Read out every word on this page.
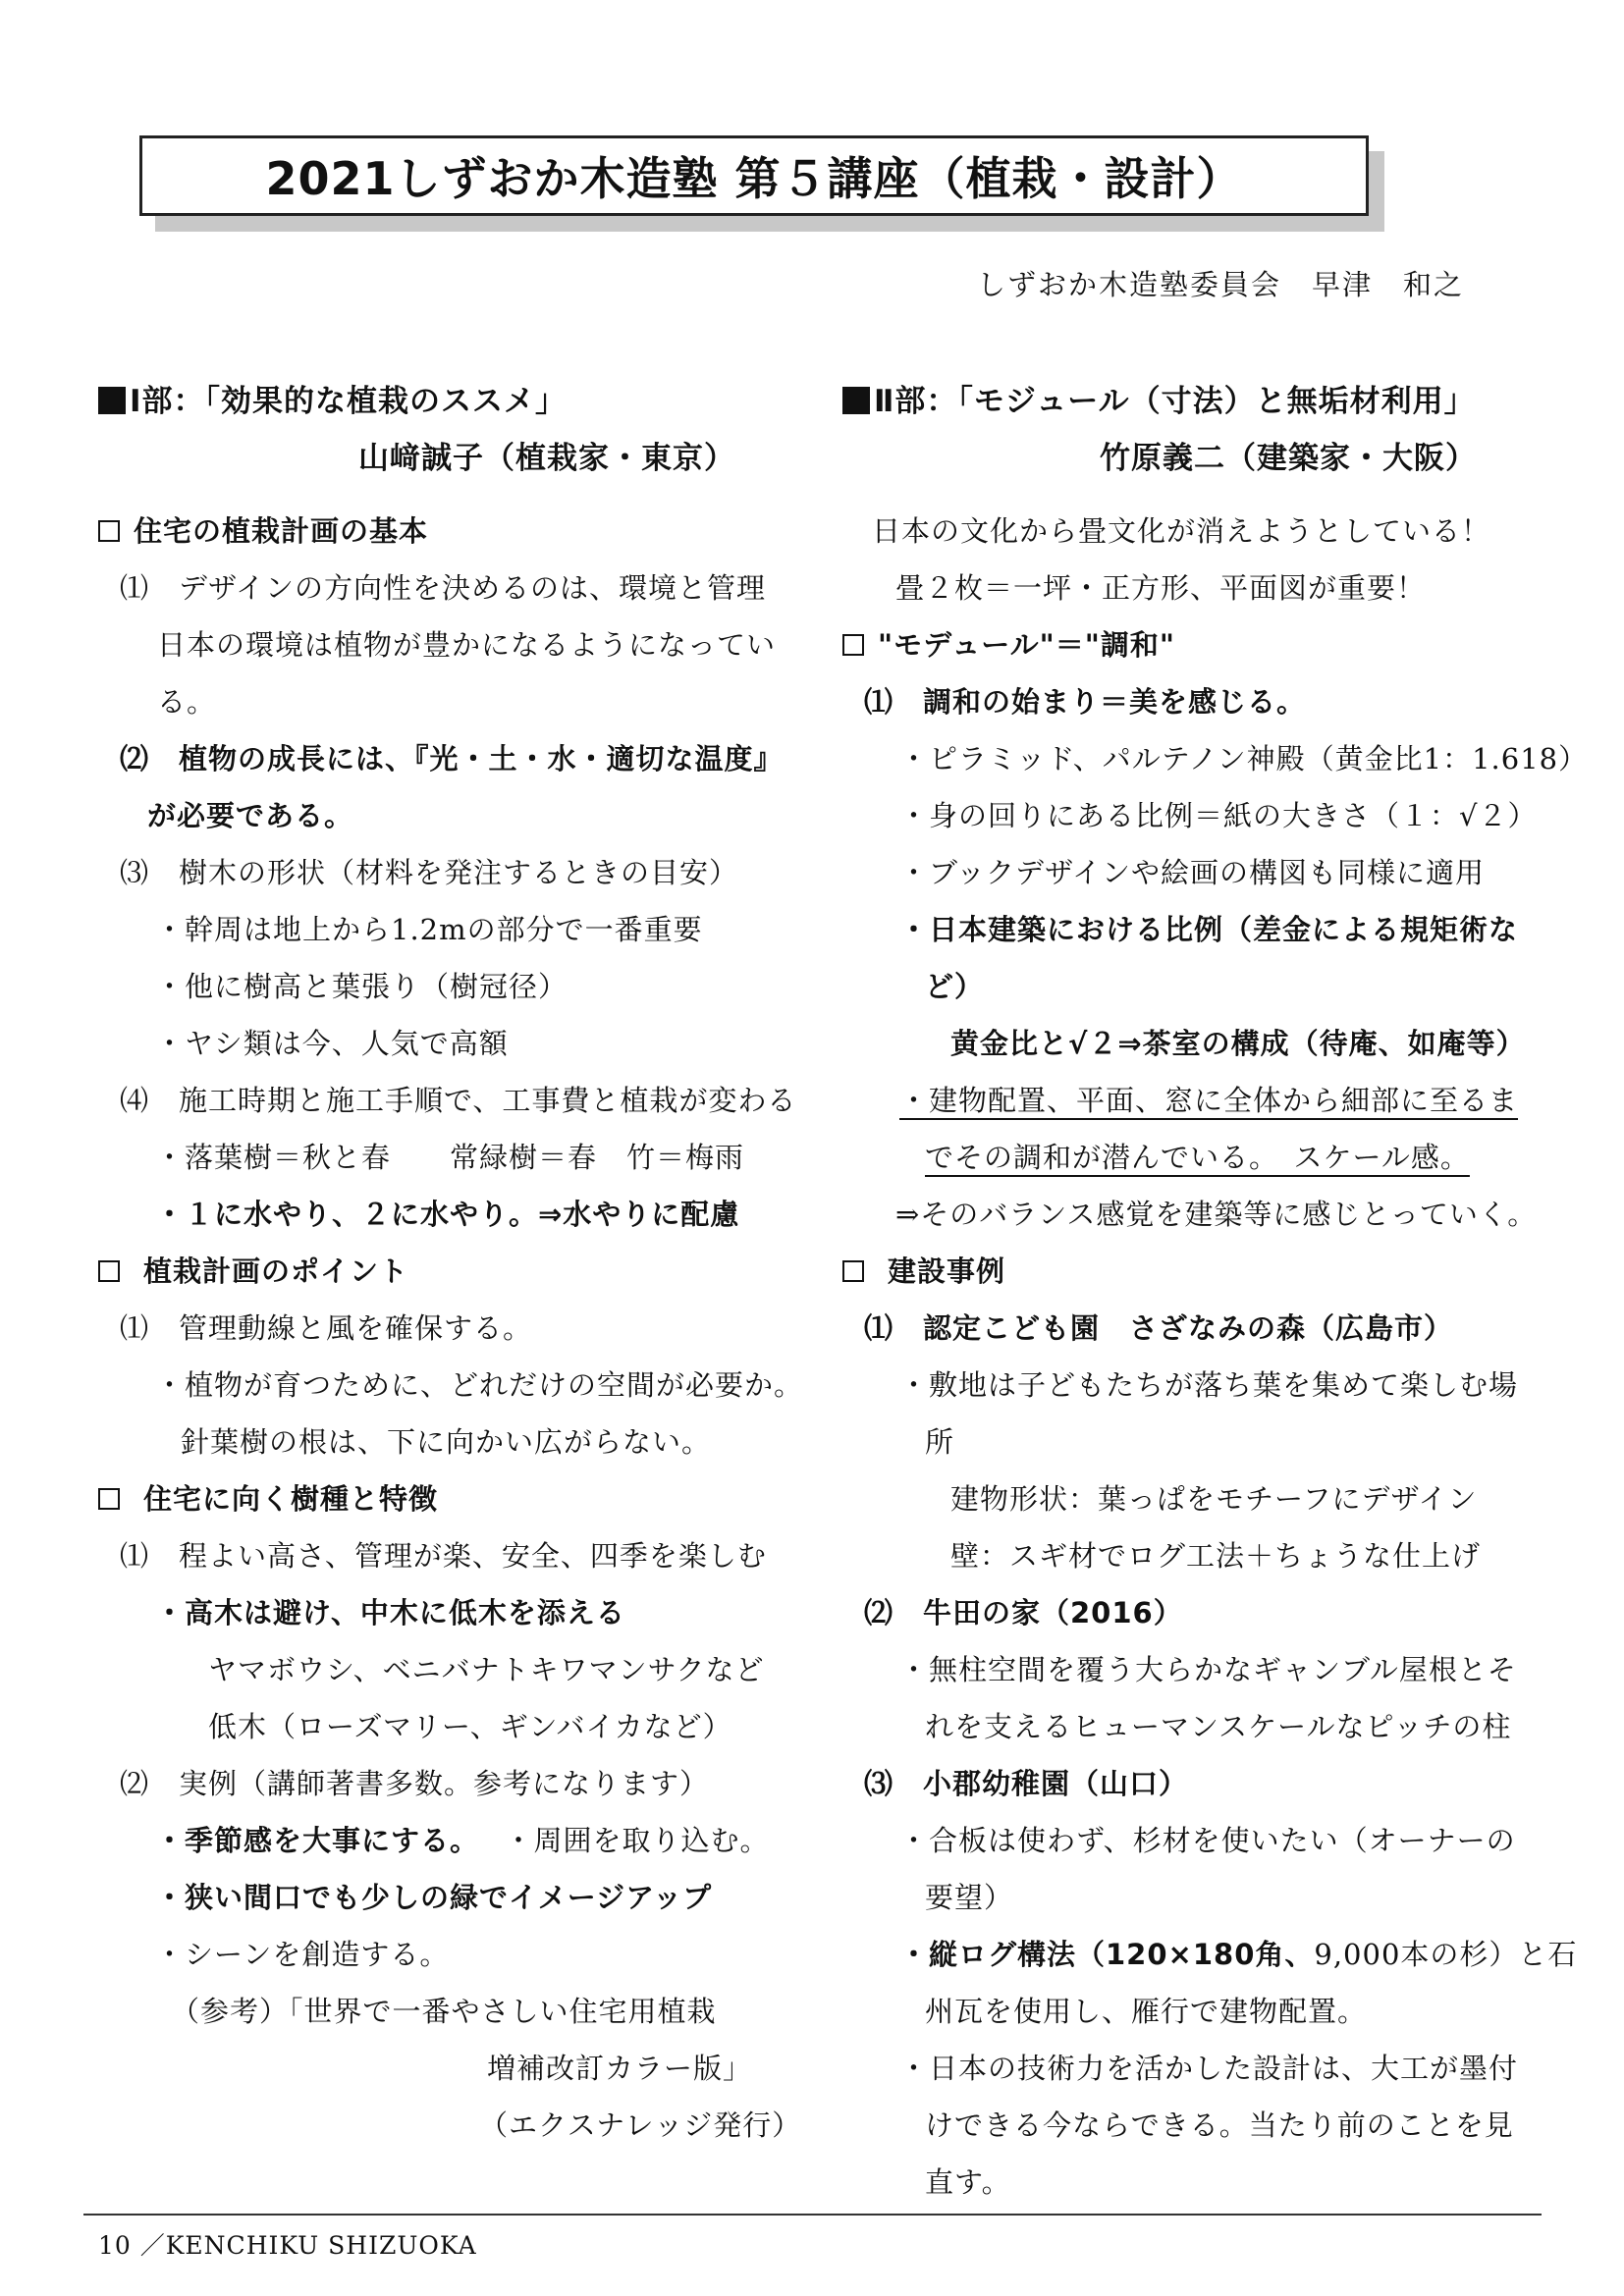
2021しずおか木造塾 第５講座（植栽・設計）
しずおか木造塾委員会　早津　和之
Ⅰ部：「効果的な植栽のススメ」
山﨑誠子（植栽家・東京）
住宅の植栽計画の基本
⑴　デザインの方向性を決めるのは、環境と管理
日本の環境は植物が豊かになるようになってい
る。
⑵　植物の成長には、『光・土・水・適切な温度』
が必要である。
⑶　樹木の形状（材料を発注するときの目安）
・幹周は地上から1.2mの部分で一番重要
・他に樹高と葉張り（樹冠径）
・ヤシ類は今、人気で高額
⑷　施工時期と施工手順で、工事費と植栽が変わる
・落葉樹＝秋と春　　常緑樹＝春　竹＝梅雨
・１に水やり、２に水やり。⇒水やりに配慮
植栽計画のポイント
⑴　管理動線と風を確保する。
・植物が育つために、どれだけの空間が必要か。
針葉樹の根は、下に向かい広がらない。
住宅に向く樹種と特徴
⑴　程よい高さ、管理が楽、安全、四季を楽しむ
・高木は避け、中木に低木を添える
ヤマボウシ、ベニバナトキワマンサクなど
低木（ローズマリー、ギンバイカなど）
⑵　実例（講師著書多数。参考になります）
・季節感を大事にする。 ・周囲を取り込む。
・狭い間口でも少しの緑でイメージアップ
・シーンを創造する。
（参考）「世界で一番やさしい住宅用植栽
増補改訂カラー版」
（エクスナレッジ発行）
Ⅱ部：「モジュール（寸法）と無垢材利用」
竹原義二（建築家・大阪）
日本の文化から畳文化が消えようとしている！
畳２枚＝一坪・正方形、平面図が重要！
"モデュール"＝"調和"
⑴　調和の始まり＝美を感じる。
・ピラミッド、パルテノン神殿（黄金比1：1.618）
・身の回りにある比例＝紙の大きさ（１：√２）
・ブックデザインや絵画の構図も同様に適用
・日本建築における比例（差金による規矩術な
ど）
黄金比と√２⇒茶室の構成（待庵、如庵等）
・建物配置、平面、窓に全体から細部に至るま
でその調和が潜んでいる。　スケール感。
⇒そのバランス感覚を建築等に感じとっていく。
建設事例
⑴　認定こども園　さざなみの森（広島市）
・敷地は子どもたちが落ち葉を集めて楽しむ場
所
建物形状：葉っぱをモチーフにデザイン
壁：スギ材でログ工法＋ちょうな仕上げ
⑵　牛田の家（2016）
・無柱空間を覆う大らかなギャンブル屋根とそ
れを支えるヒューマンスケールなピッチの柱
⑶　小郡幼稚園（山口）
・合板は使わず、杉材を使いたい（オーナーの
要望）
・縦ログ構法（120×180角、9,000本の杉）と石
州瓦を使用し、雁行で建物配置。
・日本の技術力を活かした設計は、大工が墨付
けできる今ならできる。当たり前のことを見
直す。
10 ／KENCHIKU SHIZUOKA
